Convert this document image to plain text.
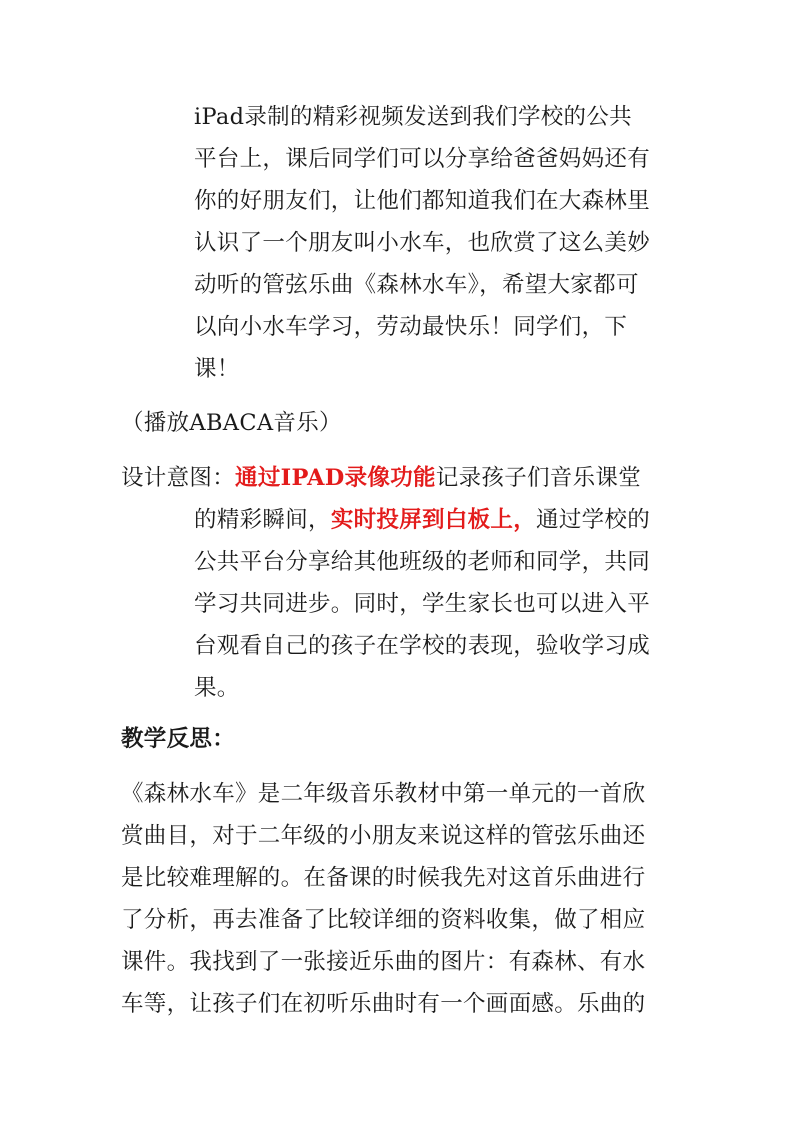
iPad录制的精彩视频发送到我们学校的公共
平台上，课后同学们可以分享给爸爸妈妈还有
你的好朋友们，让他们都知道我们在大森林里
认识了一个朋友叫小水车，也欣赏了这么美妙
动听的管弦乐曲《森林水车》，希望大家都可
以向小水车学习，劳动最快乐！同学们，下
课！
（播放ABACA音乐）
设计意图：通过IPAD录像功能记录孩子们音乐课堂
的精彩瞬间，实时投屏到白板上，通过学校的
公共平台分享给其他班级的老师和同学，共同
学习共同进步。同时，学生家长也可以进入平
台观看自己的孩子在学校的表现，验收学习成
果。
教学反思：
《森林水车》是二年级音乐教材中第一单元的一首欣
赏曲目，对于二年级的小朋友来说这样的管弦乐曲还
是比较难理解的。在备课的时候我先对这首乐曲进行
了分析，再去准备了比较详细的资料收集，做了相应
课件。我找到了一张接近乐曲的图片：有森林、有水
车等，让孩子们在初听乐曲时有一个画面感。乐曲的
